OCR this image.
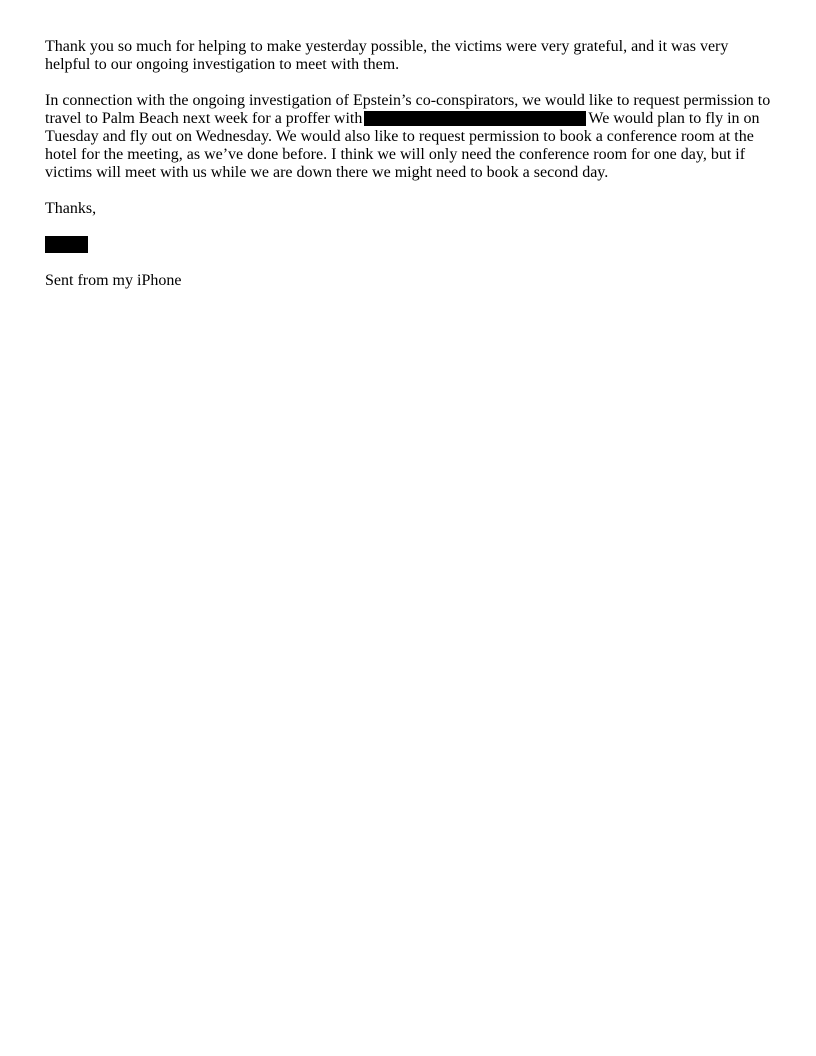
Thank you so much for helping to make yesterday possible, the victims were very grateful, and it was very
helpful to our ongoing investigation to meet with them.

In connection with the ongoing investigation of Epstein’s co-conspirators, we would like to request permission to
travel to Palm Beach next week for a proffer with	We would plan to fly in on
Tuesday and fly out on Wednesday. We would also like to request permission to book a conference room at the
hotel for the meeting, as we’ve done before. I think we will only need the conference room for one day, but if
victims will meet with us while we are down there we might need to book a second day.

Thanks,

Sent from my iPhone
